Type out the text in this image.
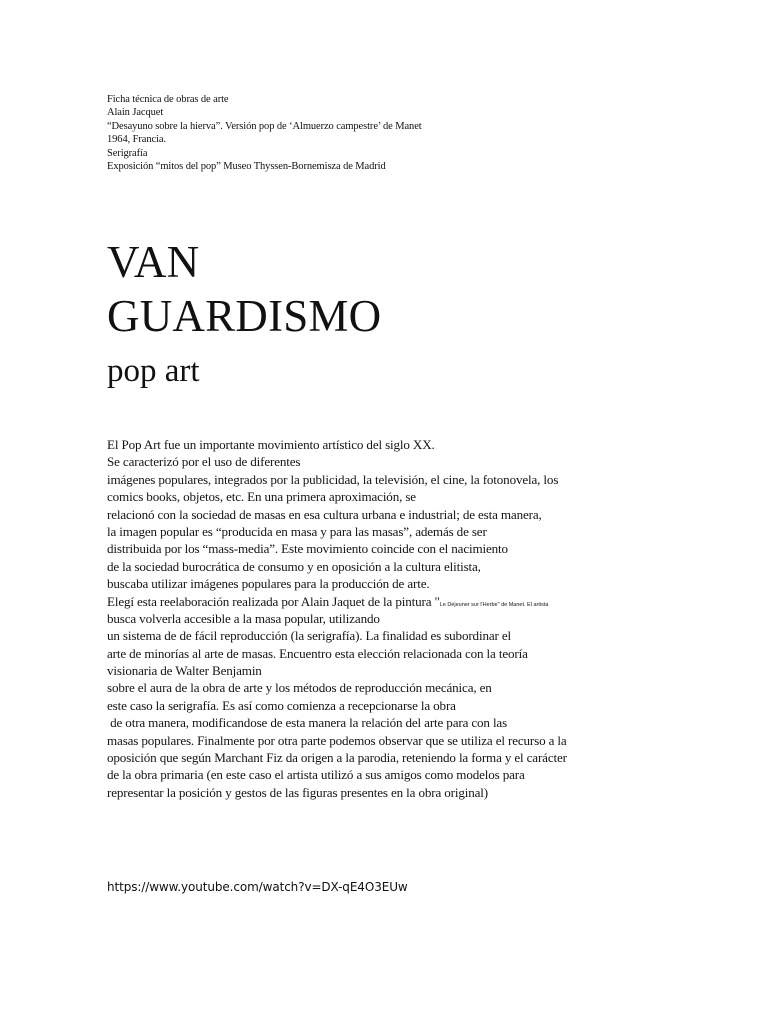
Ficha técnica de obras de arte
Alain Jacquet
“Desayuno sobre la hierva”. Versión pop de ‘Almuerzo campestre’ de Manet
1964, Francia.
Serigrafía
Exposición “mitos del pop” Museo Thyssen-Bornemisza de Madrid
VAN
GUARDISMO
pop art
El Pop Art fue un importante movimiento artístico del siglo XX.
Se caracterizó por el uso de diferentes
imágenes populares, integrados por la publicidad, la televisión, el cine, la fotonovela, los
comics books, objetos, etc. En una primera aproximación, se
relacionó con la sociedad de masas en esa cultura urbana e industrial; de esta manera,
la imagen popular es “producida en masa y para las masas”, además de ser
distribuida por los “mass-media”. Este movimiento coincide con el nacimiento
de la sociedad burocrática de consumo y en oposición a la cultura elitista,
buscaba utilizar imágenes populares para la producción de arte.
Elegí esta reelaboración realizada por Alain Jaquet de la pintura "Le Déjeuner sur l'Herbe" de Manet. El artista
busca volverla accesible a la masa popular, utilizando
un sistema de de fácil reproducción (la serigrafía). La finalidad es subordinar el
arte de minorías al arte de masas. Encuentro esta elección relacionada con la teoría
visionaria de Walter Benjamin
sobre el aura de la obra de arte y los métodos de reproducción mecánica, en
este caso la serigrafía. Es así como comienza a recepcionarse la obra
de otra manera, modificandose de esta manera la relación del arte para con las
masas populares. Finalmente por otra parte podemos observar que se utiliza el recurso a la
oposición que según Marchant Fiz da origen a la parodia, reteniendo la forma y el carácter
de la obra primaria (en este caso el artista utilizó a sus amigos como modelos para
representar la posición y gestos de las figuras presentes en la obra original)
https://www.youtube.com/watch?v=DX-qE4O3EUw
